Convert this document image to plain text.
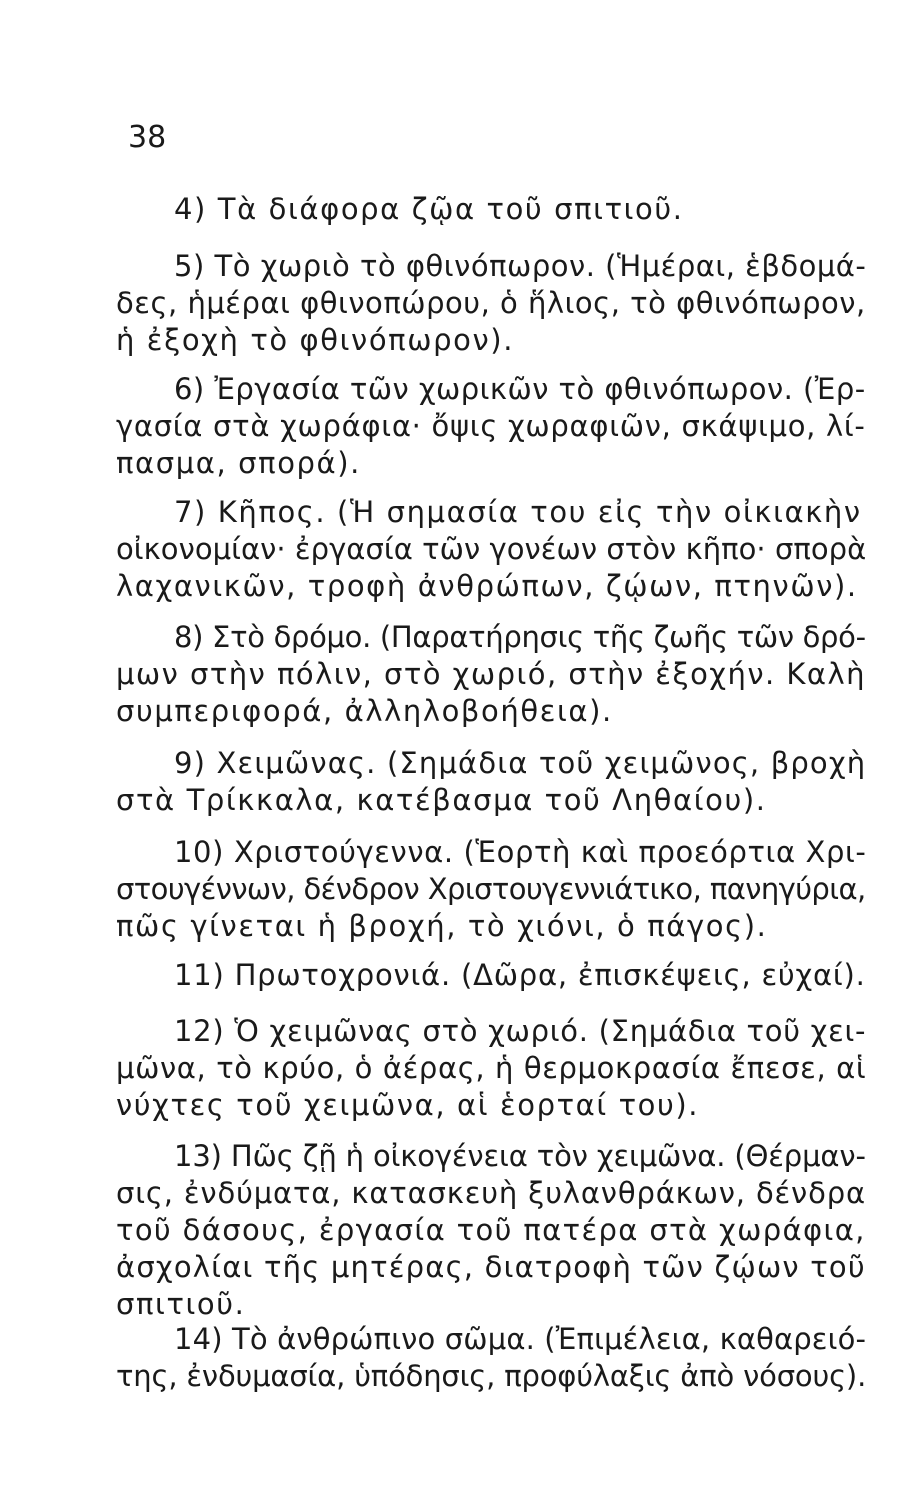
38
4) Τὰ διάφορα ζῷα τοῦ σπιτιοῦ.
5) Τὸ χωριὸ τὸ φθινόπωρον. (Ἡμέραι, ἑβδομά-
δες, ἡμέραι φθινοπώρου, ὁ ἥλιος, τὸ φθινόπωρον,
ἡ ἐξοχὴ τὸ φθινόπωρον).
6) Ἐργασία τῶν χωρικῶν τὸ φθινόπωρον. (Ἐρ-
γασία στὰ χωράφια· ὄψις χωραφιῶν, σκάψιμο, λί-
πασμα, σπορά).
7) Κῆπος. (Ἡ σημασία του εἰς τὴν οἰκιακὴν
οἰκονομίαν· ἐργασία τῶν γονέων στὸν κῆπο· σπορὰ
λαχανικῶν, τροφὴ ἀνθρώπων, ζῴων, πτηνῶν).
8) Στὸ δρόμο. (Παρατήρησις τῆς ζωῆς τῶν δρό-
μων στὴν πόλιν, στὸ χωριό, στὴν ἐξοχήν. Καλὴ
συμπεριφορά, ἀλληλοβοήθεια).
9) Χειμῶνας. (Σημάδια τοῦ χειμῶνος, βροχὴ
στὰ Τρίκκαλα, κατέβασμα τοῦ Ληθαίου).
10) Χριστούγεννα. (Ἑορτὴ καὶ προεόρτια Χρι-
στουγέννων, δένδρον Χριστουγεννιάτικο, πανηγύρια,
πῶς γίνεται ἡ βροχή, τὸ χιόνι, ὁ πάγος).
11) Πρωτοχρονιά. (Δῶρα, ἐπισκέψεις, εὐχαί).
12) Ὁ χειμῶνας στὸ χωριό. (Σημάδια τοῦ χει-
μῶνα, τὸ κρύο, ὁ ἀέρας, ἡ θερμοκρασία ἔπεσε, αἱ
νύχτες τοῦ χειμῶνα, αἱ ἑορταί του).
13) Πῶς ζῇ ἡ οἰκογένεια τὸν χειμῶνα. (Θέρμαν-
σις, ἐνδύματα, κατασκευὴ ξυλανθράκων, δένδρα
τοῦ δάσους, ἐργασία τοῦ πατέρα στὰ χωράφια,
ἀσχολίαι τῆς μητέρας, διατροφὴ τῶν ζῴων τοῦ
σπιτιοῦ.
14) Τὸ ἀνθρώπινο σῶμα. (Ἐπιμέλεια, καθαρειό-
της, ἐνδυμασία, ὑπόδησις, προφύλαξις ἀπὸ νόσους).
